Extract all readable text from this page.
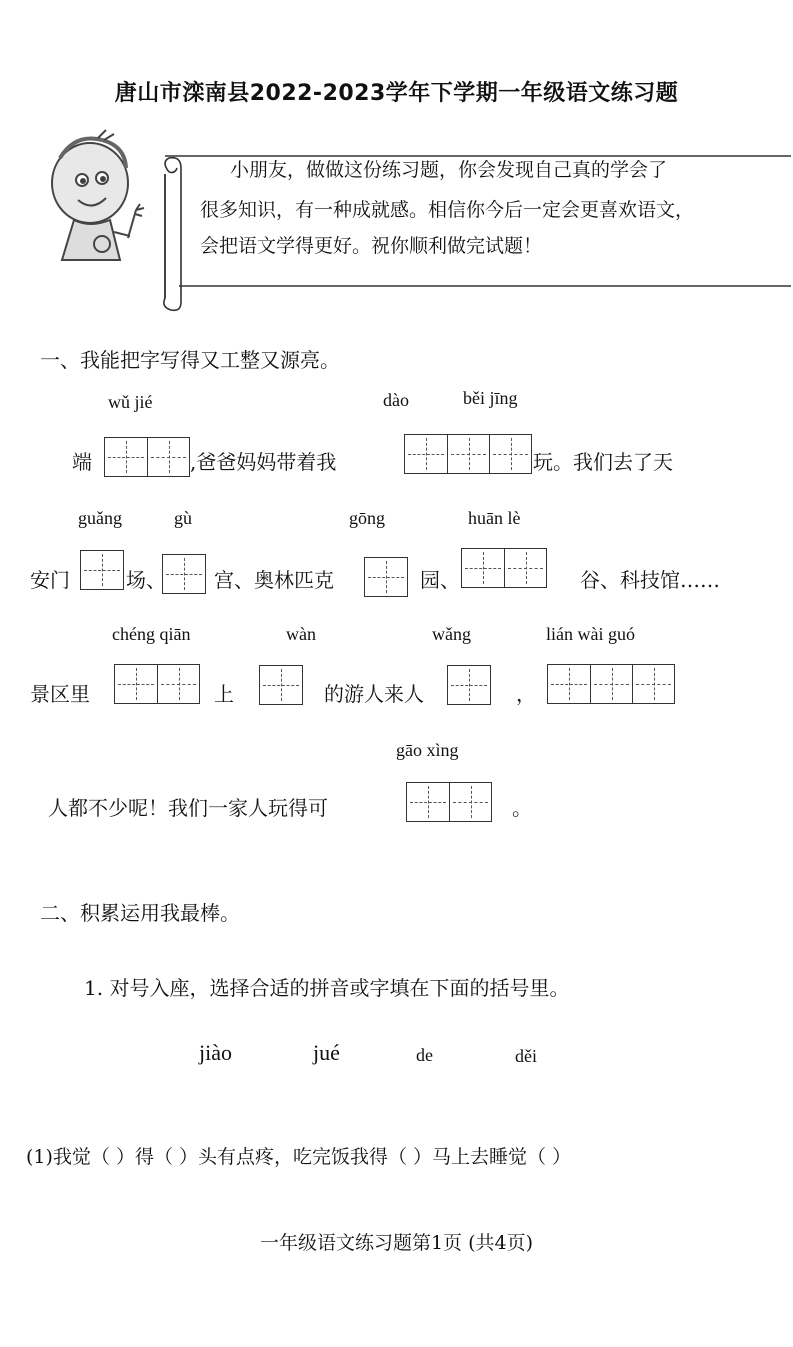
唐山市滦南县2022-2023学年下学期一年级语文练习题
小朋友，做做这份练习题，你会发现自己真的学会了
很多知识，有一种成就感。相信你今后一定会更喜欢语文，
会把语文学得更好。祝你顺利做完试题！
一、我能把字写得又工整又源亮。
wǔ jié	dào	běi jīng
端	,爸爸妈妈带着我	玩。我们去了天
guǎng	gù	gōng	huān lè
安门	场、 宫、奥林匹克	园、	谷、科技馆……
chéng qiān	wàn	wǎng	lián wài guó
景区里	上	的游人来人	，
gāo xìng
人都不少呢！我们一家人玩得可	。
二、积累运用我最棒。
1. 对号入座，选择合适的拼音或字填在下面的括号里。
jiào	jué	de	děi
(1)我觉（ ）得（ ）头有点疼，吃完饭我得（ ）马上去睡觉（ ）
一年级语文练习题第1页 (共4页)
